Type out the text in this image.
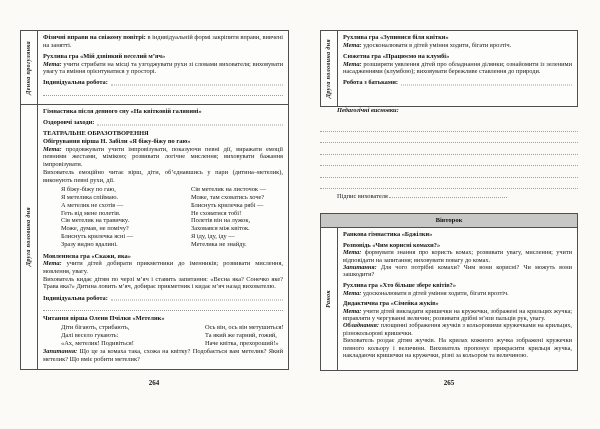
Денна прогулянка

Фізичні вправи на свіжому повітрі: в індивідуальній формі закріпити вправи, вивчені на занятті.

Рухлива гра «Мій дзвінкий веселий м’яч»

Мета: учити стрибати на місці та узгоджувати рухи зі словами вихователя; виховувати увагу та вміння орієнтуватися у просторі.

Індивідуальна робота:

Друга половина дня

Гімнастика після денного сну «На квітковій галявині»

Оздоровчі заходи:

ТЕАТРАЛЬНЕ ОБРАЗОТВОРЕННЯ

Обігрування вірша Н. Забіли «Я біжу-біжу по гаю»

Мета: продовжувати учити імпровізувати, показуючи певні дії, виражати емоції певними жестами, мімікою; розвивати логічне мислення; виховувати бажання імпровізувати.

Вихователь емоційно читає вірш, діти, об’єднавшись у пари (дитина–метелик), виконують певні рухи, дії.

Я біжу-біжу по гаю,
Я метелика спіймаю.
А метелик не схотів —
Геть від мене полетів.
Сів метелик на травичку.
Може, думав, не помічу?
Блиснуть крилечка ясні —
Зразу видно вдалині.
Сів метелик на листочок —
Може, там сховатись хоче?
Блиснуть крилечка рябі —
Не сховатися тобі!
Полетів він на лужок,
Заховався між квіток.
Я іду, іду, іду —
Метелика не знайду.

Мовленнєва гра «Скажи, яка»

Мета: учити дітей добирати прикметники до іменників; розвивати мислення, мовлення, увагу.

Вихователь кидає дітям по черзі м’яч і ставить запитання: «Весна яка? Сонечко яке? Трава яка?» Дитина ловить м’яч, добирає прикметник і кидає м’яч назад вихователю.

Індивідуальна робота:

Читання вірша Олени Пчілки «Метелик»

Діти бігають, стрибають,
Далі весело гукають:
«Ах, метелик! Подивіться!
Ось він, ось він метушиться!
Та який же гарний, гожий,
Наче квітка, прехороший!»

Запитання: Що це за комаха така, схожа на квітку? Подобається вам метелик? Який метелик? Що вміє робити метелик?

264
Друга половина дня

Рухлива гра «Зупинися біля квітки»

Мета: удосконалювати в дітей уміння ходити, бігати врозтіч.

Сюжетна гра «Працюємо на клумбі»

Мета: розширяти уявлення дітей про обладнання ділянки; ознайомити із зеленими насадженнями (клумбою); виховувати бережливе ставлення до природи.

Робота з батьками:

Педагогічні висновки:

Підпис вихователя
Вівторок
Ранок

Ранкова гімнастика «Бджілки»

Розповідь «Чим корисні комахи?»

Мета: формувати знання про користь комах; розвивати увагу, мислення; учити відповідати на запитання; виховувати повагу до комах.

Запитання: Для чого потрібні комахи? Чим вони корисні? Чи можуть вони зашкодити?

Рухлива гра «Хто більше збере квітів?»

Мета: удосконалювати в дітей уміння ходити, бігати врозтіч.

Дидактична гра «Сімейка жуків»

Мета: учити дітей викладати кришечки на кружечки, зображені на крильцях жучка; вправляти у чергуванні величин; розвивати дрібні м’язи пальців рук, увагу.

Обладнання: площинні зображення жучків з кольоровими кружечками на крильцях, різнокольорові кришечки.

Вихователь роздає дітям жучків. На крилах кожного жучка зображені кружечки певного кольору і величини. Вихователь пропонує прикрасити крильця жучка, накладаючи кришечки на кружечки, різні за кольором та величиною.

265
